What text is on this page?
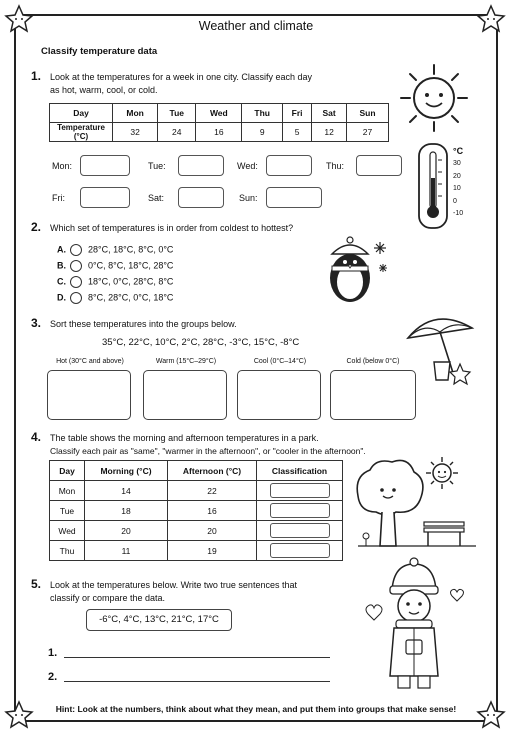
Weather and climate
Classify temperature data
1. Look at the temperatures for a week in one city. Classify each day
as hot, warm, cool, or cold.
Day	Mon	Tue	Wed	Thu	Fri	Sat	Sun
Temperature (°C)	32	24	16	9	5	12	27
Mon:	Tue:	Wed:	Thu:
Fri:	Sat:	Sun:
°C
30
20
10
0
-10
2. Which set of temperatures is in order from coldest to hottest?
A. 28°C, 18°C, 8°C, 0°C
B. 0°C, 8°C, 18°C, 28°C
C. 18°C, 0°C, 28°C, 8°C
D. 8°C, 28°C, 0°C, 18°C
3. Sort these temperatures into the groups below.
35°C, 22°C, 10°C, 2°C, 28°C, -3°C, 15°C, -8°C
Hot (30°C and above)	Warm (15°C–29°C)	Cool (0°C–14°C)	Cold (below 0°C)
4. The table shows the morning and afternoon temperatures in a park.
Classify each pair as "same", "warmer in the afternoon", or "cooler in the afternoon".
Day	Morning (°C)	Afternoon (°C)	Classification
Mon	14	22	
Tue	18	16	
Wed	20	20	
Thu	11	19	
5. Look at the temperatures below. Write two true sentences that
classify or compare the data.
-6°C, 4°C, 13°C, 21°C, 17°C
1.
2.
Hint: Look at the numbers, think about what they mean, and put them into groups that make sense!
